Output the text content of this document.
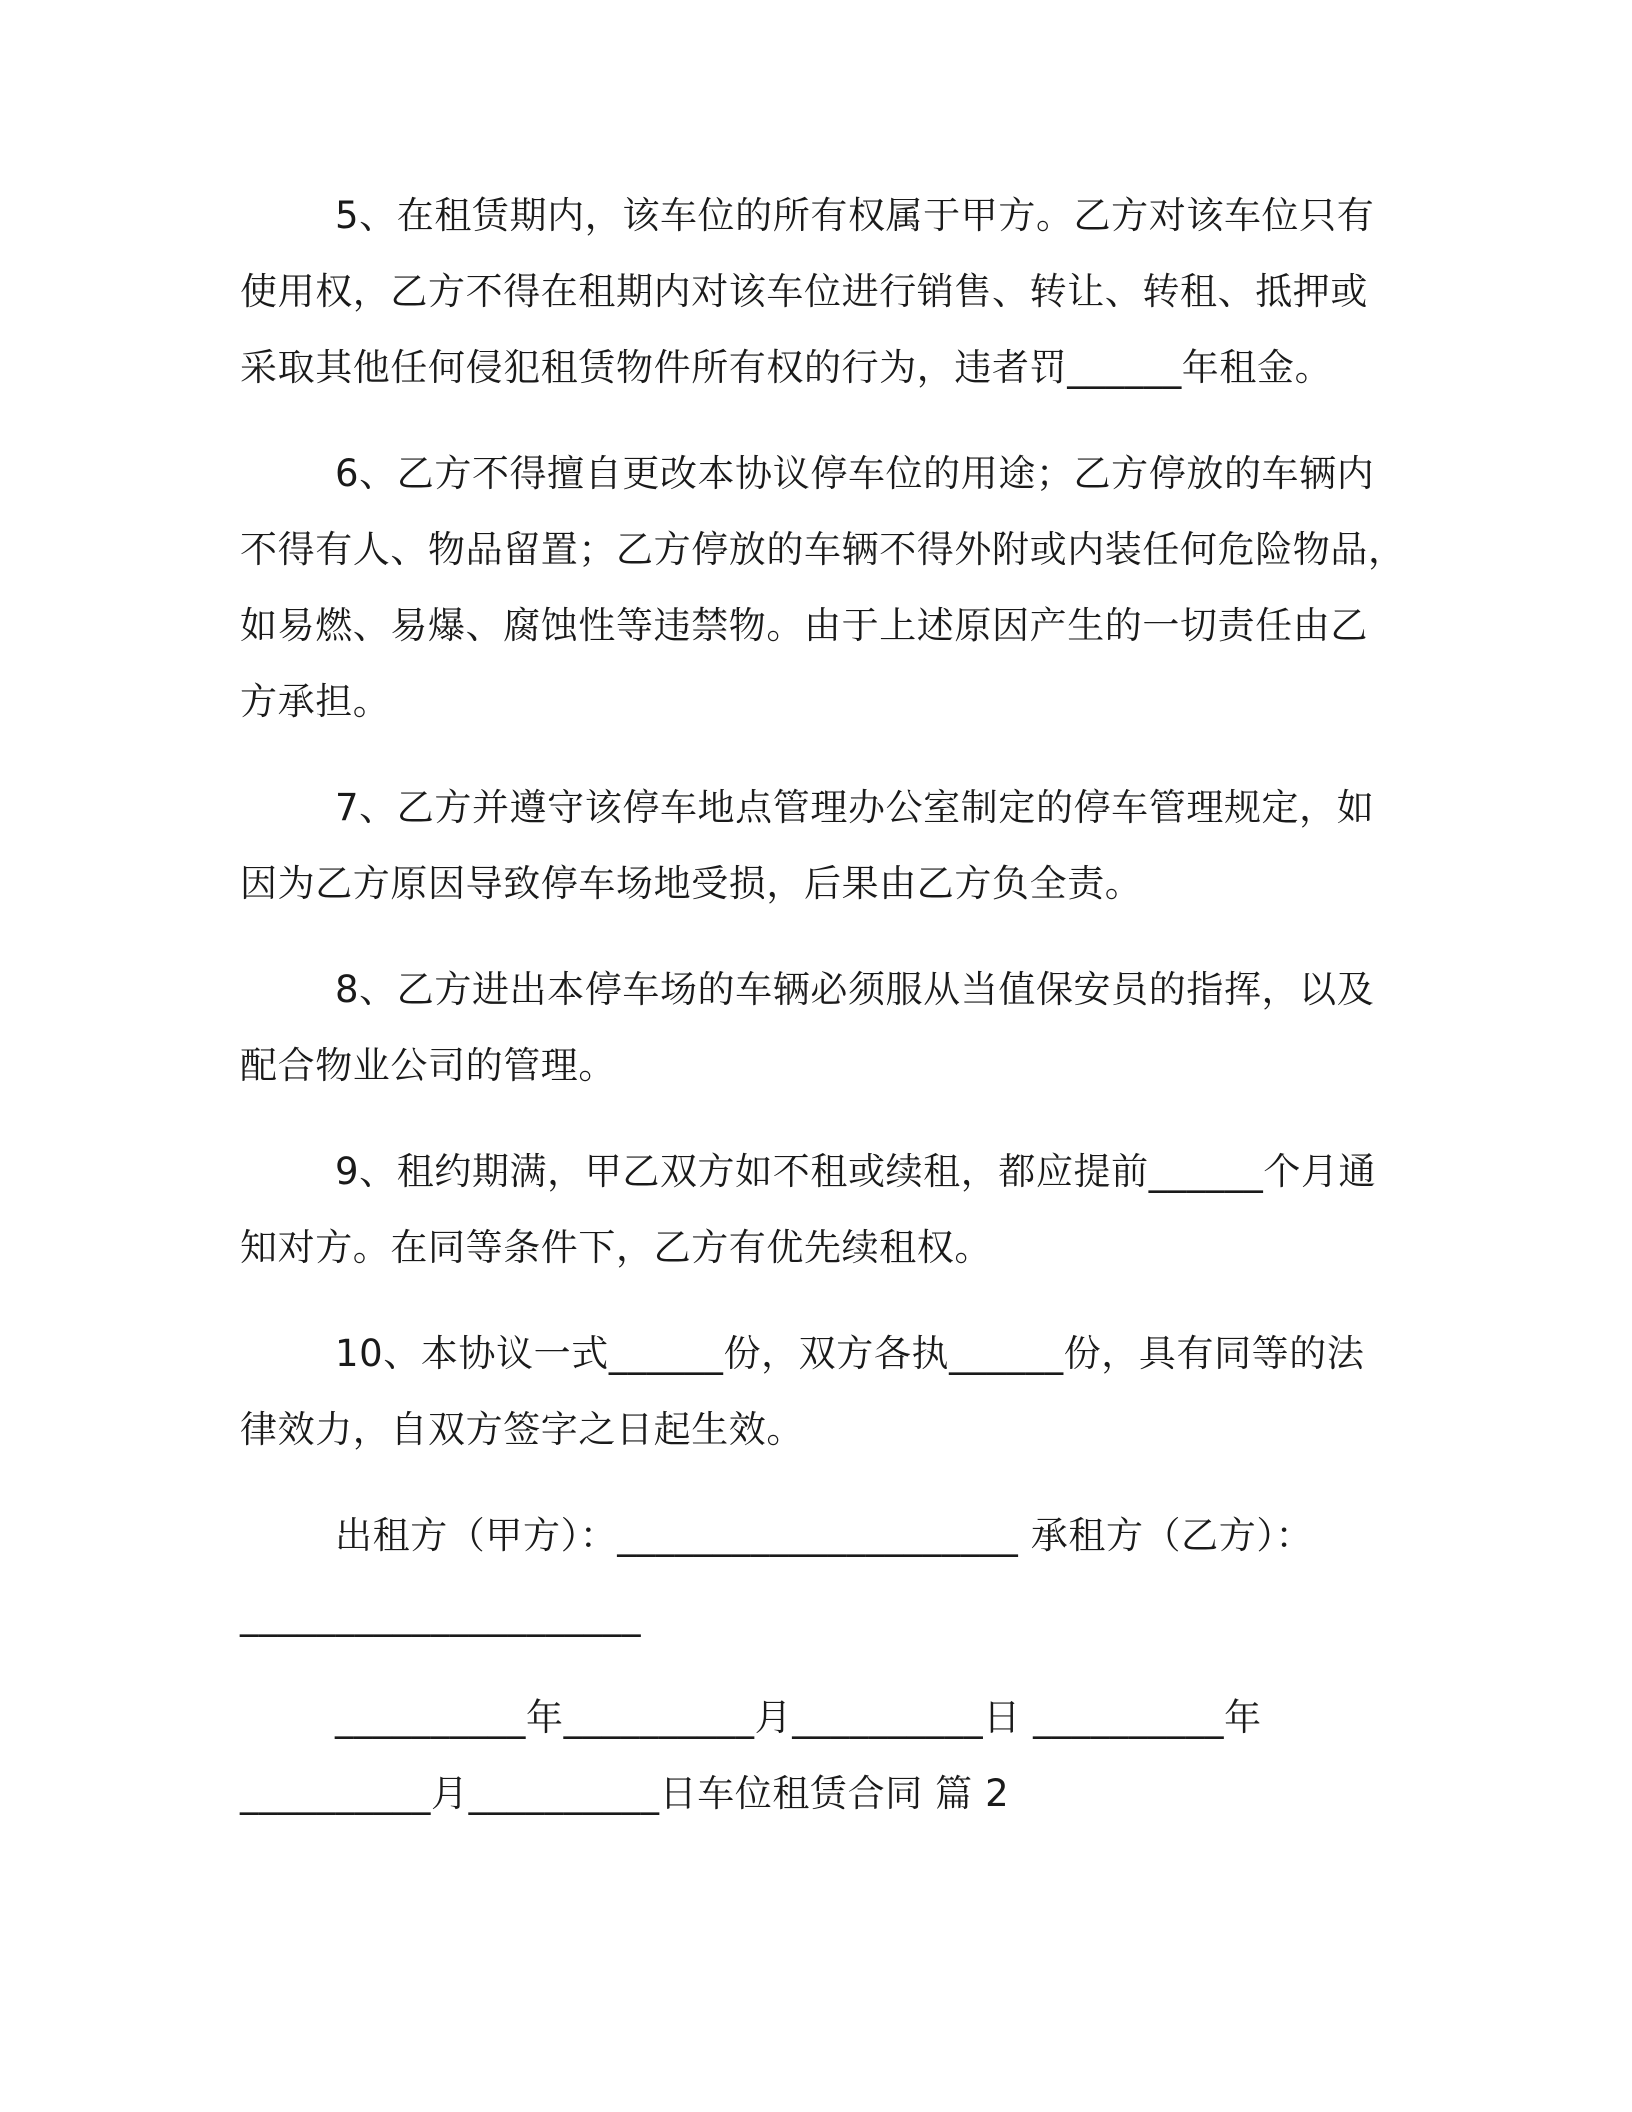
5、在租赁期内，该车位的所有权属于甲方。乙方对该车位只有

使用权，乙方不得在租期内对该车位进行销售、转让、转租、抵押或

采取其他任何侵犯租赁物件所有权的行为，违者罚______年租金。

6、乙方不得擅自更改本协议停车位的用途；乙方停放的车辆内

不得有人、物品留置；乙方停放的车辆不得外附或内装任何危险物品，

如易燃、易爆、腐蚀性等违禁物。由于上述原因产生的一切责任由乙

方承担。

7、乙方并遵守该停车地点管理办公室制定的停车管理规定，如

因为乙方原因导致停车场地受损，后果由乙方负全责。

8、乙方进出本停车场的车辆必须服从当值保安员的指挥，以及

配合物业公司的管理。

9、租约期满，甲乙双方如不租或续租，都应提前______个月通

知对方。在同等条件下，乙方有优先续租权。

10、本协议一式______份，双方各执______份，具有同等的法

律效力，自双方签字之日起生效。

出租方（甲方）：_____________________ 承租方（乙方）：

_____________________

__________年__________月__________日 __________年

__________月__________日车位租赁合同 篇 2
